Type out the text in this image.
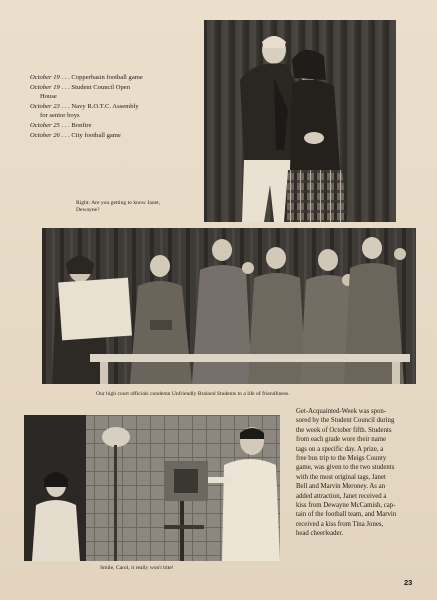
October 19 . . . Copperbasin football game
October 19 . . . Student Council Open
House
October 23 . . . Navy R.O.T.C. Assembly
for senior boys
October 25 . . . Bonfire
October 26 . . . City football game
Right: Are you getting to know Janet,
Dewayne?
Our high court officials condemn Unfriendly Brained Students to a life of friendliness.
Smile, Carol, it really won't bite!
Get-Acquainted-Week was spon-
sored by the Student Council during
the week of October fifth. Students
from each grade wore their name
tags on a specific day. A prize, a
free bus trip to the Meigs County
game, was given to the two students
with the most original tags, Janet
Bell and Marvin Meroney. As an
added attraction, Janet received a
kiss from Dewayne McCamish, cap-
tain of the football team, and Marvin
received a kiss from Tina Jones,
head cheerleader.
23
